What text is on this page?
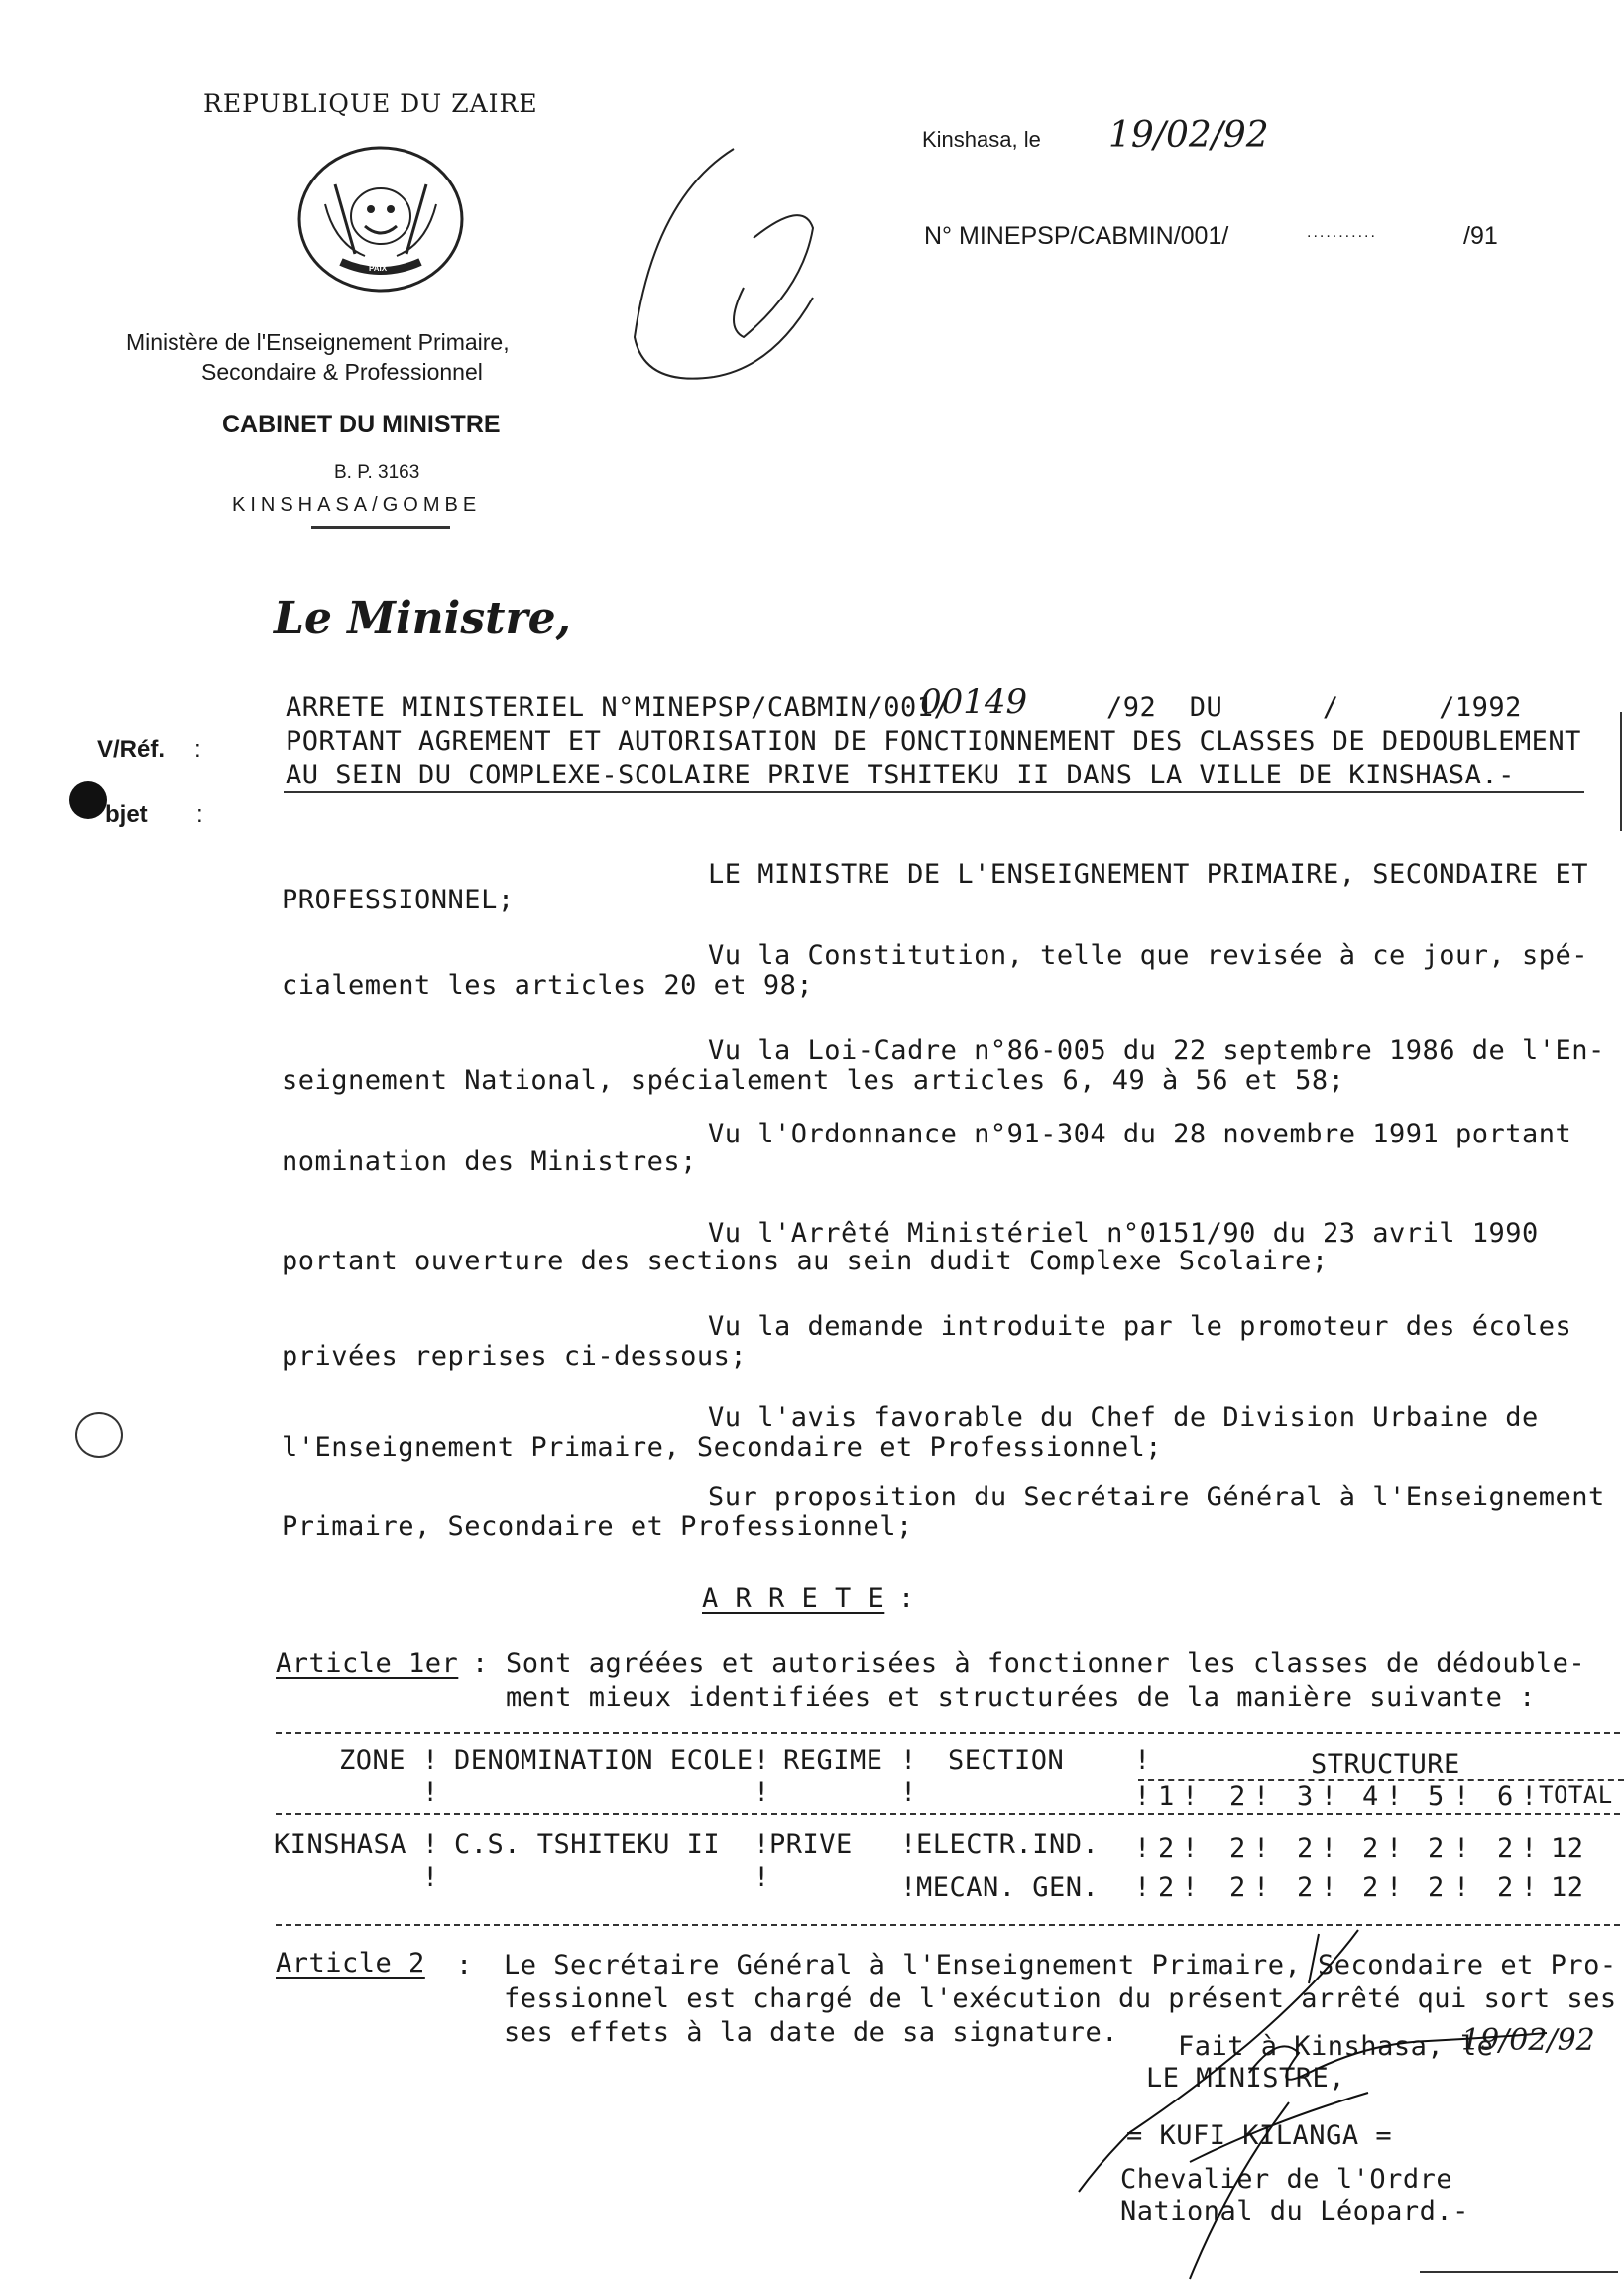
REPUBLIQUE DU ZAIRE
PAIX
Ministère de l'Enseignement Primaire,
Secondaire & Professionnel
CABINET DU MINISTRE
B. P. 3163
KINSHASA/GOMBE
Kinshasa, le 19/02/92
N° MINEPSP/CABMIN/001/	...........	/91
V/Réf. :
bjet :
Le Ministre,
ARRETE MINISTERIEL N°MINEPSP/CABMIN/001/
00149	/92  DU      /      /1992
PORTANT AGREMENT ET AUTORISATION DE FONCTIONNEMENT DES CLASSES DE DEDOUBLEMENT
AU SEIN DU COMPLEXE-SCOLAIRE PRIVE TSHITEKU II DANS LA VILLE DE KINSHASA.-
LE MINISTRE DE L'ENSEIGNEMENT PRIMAIRE, SECONDAIRE ET
PROFESSIONNEL;
Vu la Constitution, telle que revisée à ce jour, spé-
cialement les articles 20 et 98;
Vu la Loi-Cadre n°86-005 du 22 septembre 1986 de l'En-
seignement National, spécialement les articles 6, 49 à 56 et 58;
Vu l'Ordonnance n°91-304 du 28 novembre 1991 portant
nomination des Ministres;
Vu l'Arrêté Ministériel n°0151/90 du 23 avril 1990
portant ouverture des sections au sein dudit Complexe Scolaire;
Vu la demande introduite par le promoteur des écoles
privées reprises ci-dessous;
Vu l'avis favorable du Chef de Division Urbaine de
l'Enseignement Primaire, Secondaire et Professionnel;
Sur proposition du Secrétaire Général à l'Enseignement
Primaire, Secondaire et Professionnel;
A R R E T E :
Article 1er : Sont agréées et autorisées à fonctionner les classes de dédouble-
ment mieux identifiées et structurées de la manière suivante :
ZONE ! DENOMINATION ECOLE ! REGIME ! SECTION	!	STRUCTURE
!	!	!	! 1 ! 2 ! 3 ! 4 ! 5 ! 6 ! TOTAL
KINSHASA ! C.S. TSHITEKU II ! PRIVE ! ELECTR.IND. ! 2 ! 2 ! 2 ! 2 ! 2 ! 2 ! 12
!	!	! MECAN. GEN. ! 2 ! 2 ! 2 ! 2 ! 2 ! 2 ! 12
Article 2 : Le Secrétaire Général à l'Enseignement Primaire, Secondaire et Pro-
fessionnel est chargé de l'exécution du présent arrêté qui sort ses
ses effets à la date de sa signature. Fait à Kinshasa, le
19/02/92
LE MINISTRE,
= KUFI KILANGA =
Chevalier de l'Ordre
National du Léopard.-
